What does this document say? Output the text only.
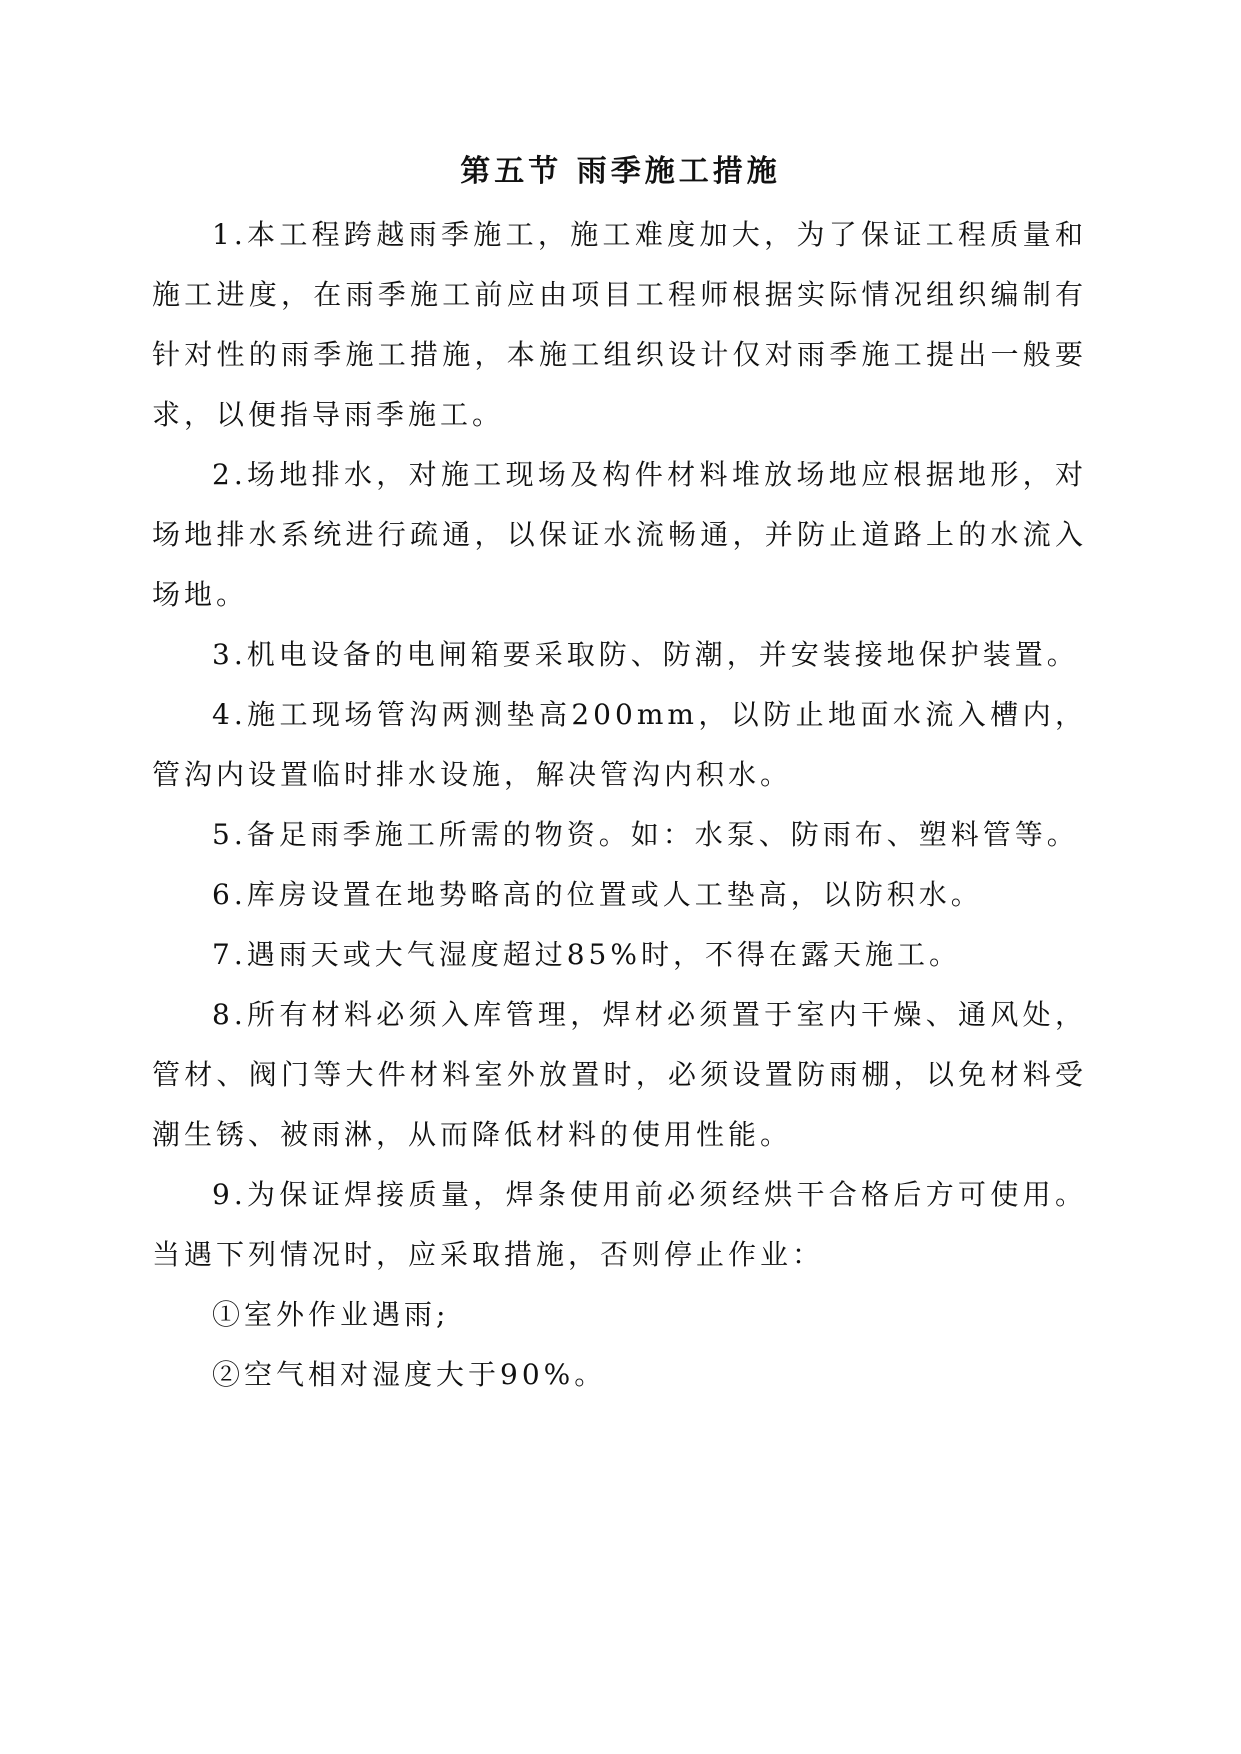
第五节 雨季施工措施

1.本工程跨越雨季施工，施工难度加大，为了保证工程质量和施工进度，在雨季施工前应由项目工程师根据实际情况组织编制有针对性的雨季施工措施，本施工组织设计仅对雨季施工提出一般要求，以便指导雨季施工。

2.场地排水，对施工现场及构件材料堆放场地应根据地形，对场地排水系统进行疏通，以保证水流畅通，并防止道路上的水流入场地。

3.机电设备的电闸箱要采取防、防潮，并安装接地保护装置。

4.施工现场管沟两测垫高200mm，以防止地面水流入槽内，管沟内设置临时排水设施，解决管沟内积水。

5.备足雨季施工所需的物资。如：水泵、防雨布、塑料管等。

6.库房设置在地势略高的位置或人工垫高，以防积水。

7.遇雨天或大气湿度超过85%时，不得在露天施工。

8.所有材料必须入库管理，焊材必须置于室内干燥、通风处，管材、阀门等大件材料室外放置时，必须设置防雨棚，以免材料受潮生锈、被雨淋，从而降低材料的使用性能。

9.为保证焊接质量，焊条使用前必须经烘干合格后方可使用。当遇下列情况时，应采取措施，否则停止作业：

①室外作业遇雨;

②空气相对湿度大于90%。
